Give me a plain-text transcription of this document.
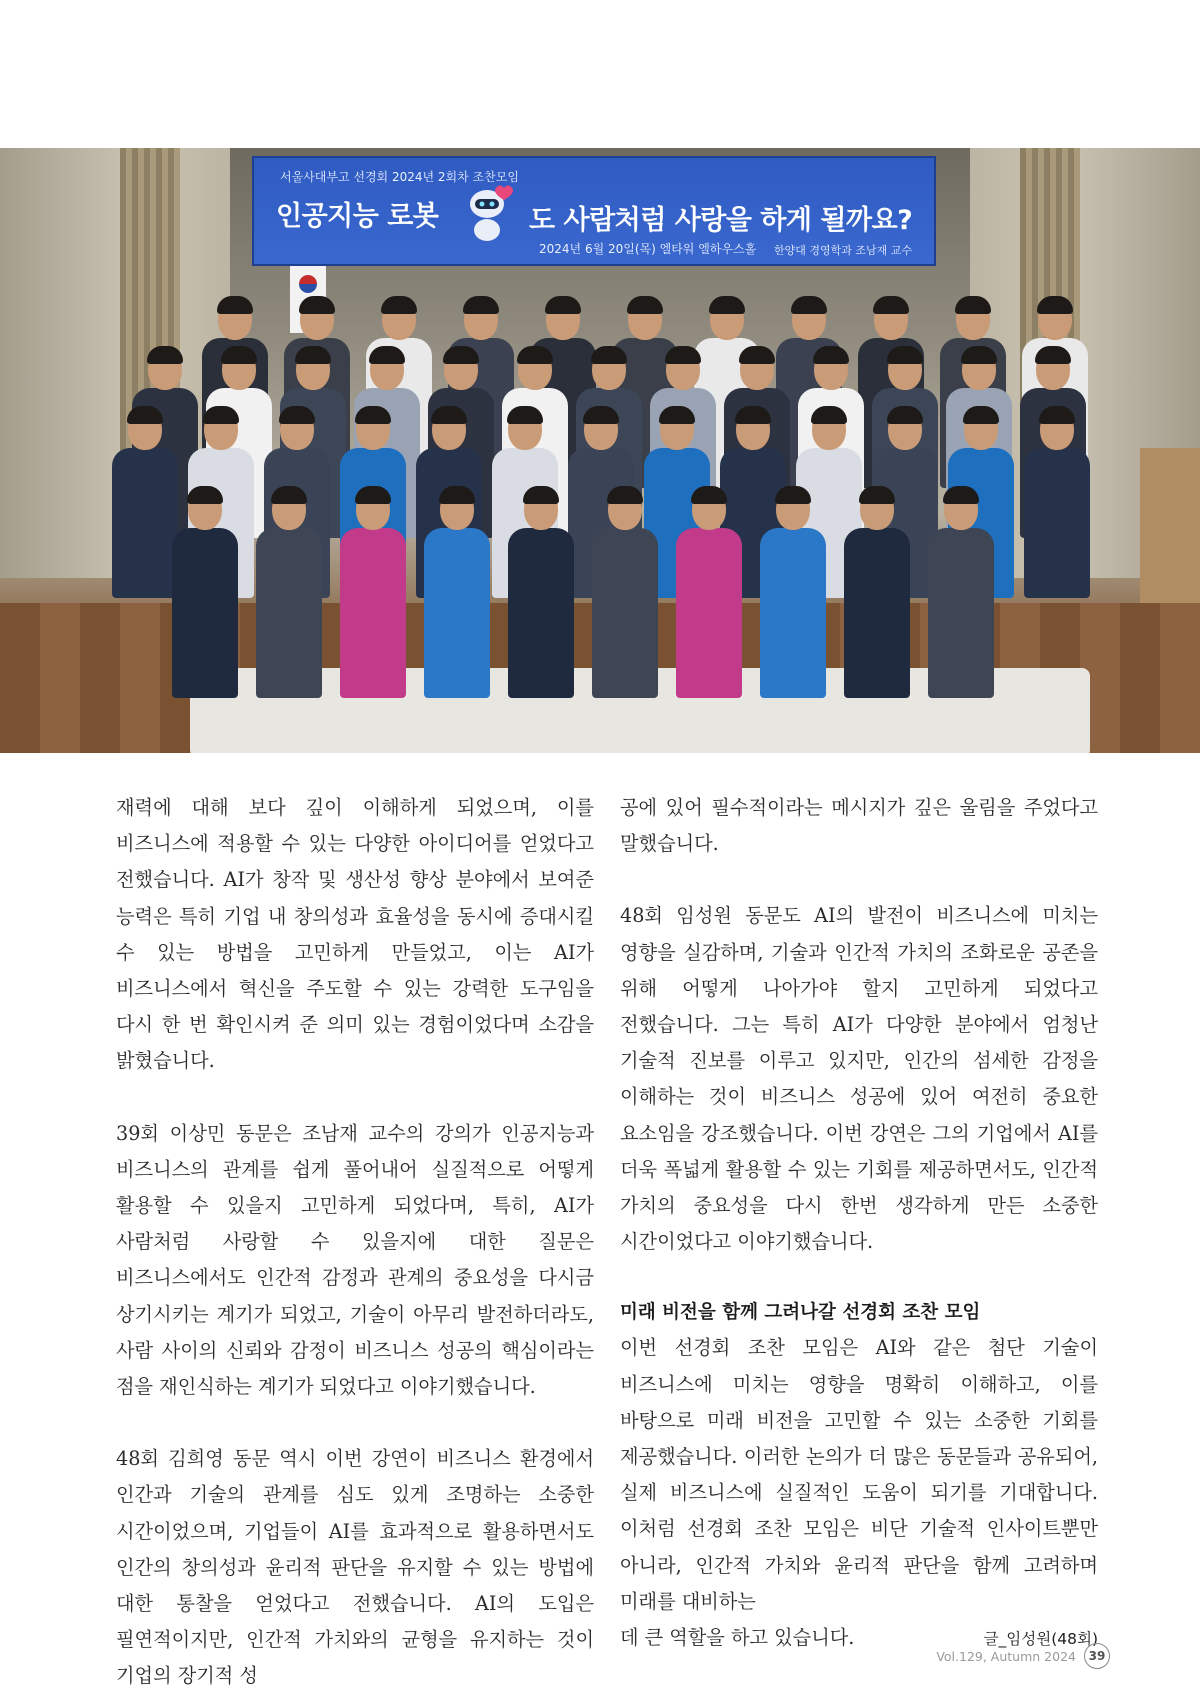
서울사대부고 선경회 2024년 2회차 조찬모임
인공지능 로봇	도 사람처럼 사랑을 하게 될까요?
2024년 6월 20일(목) 엘타워 엘하우스홀 한양대 경영학과 조남재 교수

재력에 대해 보다 깊이 이해하게 되었으며, 이를 비즈니스에 적용할 수 있는 다양한 아이디어를 얻었다고 전했습니다. AI가 창작 및 생산성 향상 분야에서 보여준 능력은 특히 기업 내 창의성과 효율성을 동시에 증대시킬 수 있는 방법을 고민하게 만들었고, 이는 AI가 비즈니스에서 혁신을 주도할 수 있는 강력한 도구임을 다시 한 번 확인시켜 준 의미 있는 경험이었다며 소감을 밝혔습니다.

39회 이상민 동문은 조남재 교수의 강의가 인공지능과 비즈니스의 관계를 쉽게 풀어내어 실질적으로 어떻게 활용할 수 있을지 고민하게 되었다며, 특히, AI가 사람처럼 사랑할 수 있을지에 대한 질문은 비즈니스에서도 인간적 감정과 관계의 중요성을 다시금 상기시키는 계기가 되었고, 기술이 아무리 발전하더라도, 사람 사이의 신뢰와 감정이 비즈니스 성공의 핵심이라는 점을 재인식하는 계기가 되었다고 이야기했습니다.

48회 김희영 동문 역시 이번 강연이 비즈니스 환경에서 인간과 기술의 관계를 심도 있게 조명하는 소중한 시간이었으며, 기업들이 AI를 효과적으로 활용하면서도 인간의 창의성과 윤리적 판단을 유지할 수 있는 방법에 대한 통찰을 얻었다고 전했습니다. AI의 도입은 필연적이지만, 인간적 가치와의 균형을 유지하는 것이 기업의 장기적 성

공에 있어 필수적이라는 메시지가 깊은 울림을 주었다고 말했습니다.

48회 임성원 동문도 AI의 발전이 비즈니스에 미치는 영향을 실감하며, 기술과 인간적 가치의 조화로운 공존을 위해 어떻게 나아가야 할지 고민하게 되었다고 전했습니다. 그는 특히 AI가 다양한 분야에서 엄청난 기술적 진보를 이루고 있지만, 인간의 섬세한 감정을 이해하는 것이 비즈니스 성공에 있어 여전히 중요한 요소임을 강조했습니다. 이번 강연은 그의 기업에서 AI를 더욱 폭넓게 활용할 수 있는 기회를 제공하면서도, 인간적 가치의 중요성을 다시 한번 생각하게 만든 소중한 시간이었다고 이야기했습니다.

미래 비전을 함께 그려나갈 선경회 조찬 모임

이번 선경회 조찬 모임은 AI와 같은 첨단 기술이 비즈니스에 미치는 영향을 명확히 이해하고, 이를 바탕으로 미래 비전을 고민할 수 있는 소중한 기회를 제공했습니다. 이러한 논의가 더 많은 동문들과 공유되어, 실제 비즈니스에 실질적인 도움이 되기를 기대합니다. 이처럼 선경회 조찬 모임은 비단 기술적 인사이트뿐만 아니라, 인간적 가치와 윤리적 판단을 함께 고려하며 미래를 대비하는

데 큰 역할을 하고 있습니다.	글_임성원(48회)
Vol.129, Autumn 2024	39
